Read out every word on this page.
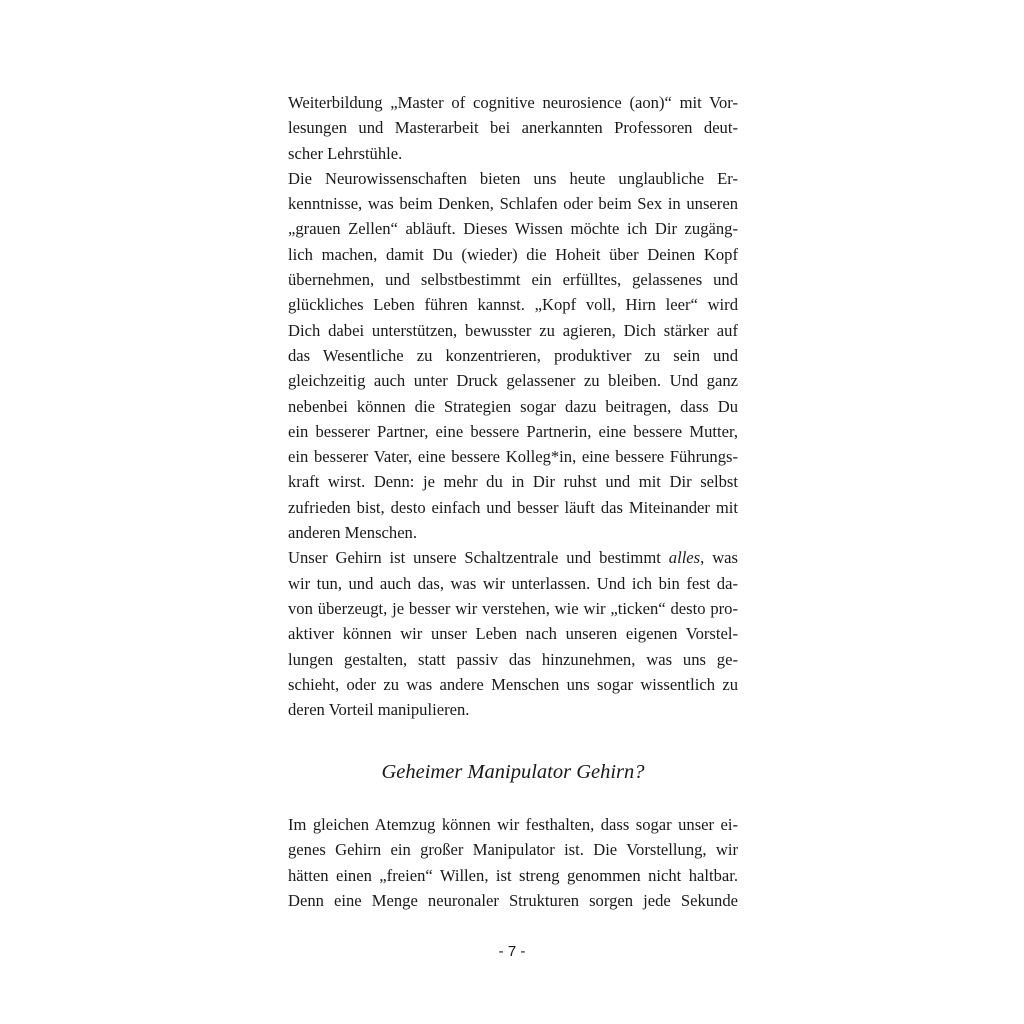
Weiterbildung „Master of cognitive neurosience (aon)“ mit Vor-
lesungen und Masterarbeit bei anerkannten Professoren deut-
scher Lehrstühle.
Die Neurowissenschaften bieten uns heute unglaubliche Er-
kenntnisse, was beim Denken, Schlafen oder beim Sex in unseren
„grauen Zellen“ abläuft. Dieses Wissen möchte ich Dir zugäng-
lich machen, damit Du (wieder) die Hoheit über Deinen Kopf
übernehmen, und selbstbestimmt ein erfülltes, gelassenes und
glückliches Leben führen kannst. „Kopf voll, Hirn leer“ wird
Dich dabei unterstützen, bewusster zu agieren, Dich stärker auf
das Wesentliche zu konzentrieren, produktiver zu sein und
gleichzeitig auch unter Druck gelassener zu bleiben. Und ganz
nebenbei können die Strategien sogar dazu beitragen, dass Du
ein besserer Partner, eine bessere Partnerin, eine bessere Mutter,
ein besserer Vater, eine bessere Kolleg*in, eine bessere Führungs-
kraft wirst. Denn: je mehr du in Dir ruhst und mit Dir selbst
zufrieden bist, desto einfach und besser läuft das Miteinander mit
anderen Menschen.
Unser Gehirn ist unsere Schaltzentrale und bestimmt alles, was
wir tun, und auch das, was wir unterlassen. Und ich bin fest da-
von überzeugt, je besser wir verstehen, wie wir „ticken“ desto pro-
aktiver können wir unser Leben nach unseren eigenen Vorstel-
lungen gestalten, statt passiv das hinzunehmen, was uns ge-
schieht, oder zu was andere Menschen uns sogar wissentlich zu
deren Vorteil manipulieren.
Geheimer Manipulator Gehirn?
Im gleichen Atemzug können wir festhalten, dass sogar unser ei-
genes Gehirn ein großer Manipulator ist. Die Vorstellung, wir
hätten einen „freien“ Willen, ist streng genommen nicht haltbar.
Denn eine Menge neuronaler Strukturen sorgen jede Sekunde
- 7 -
